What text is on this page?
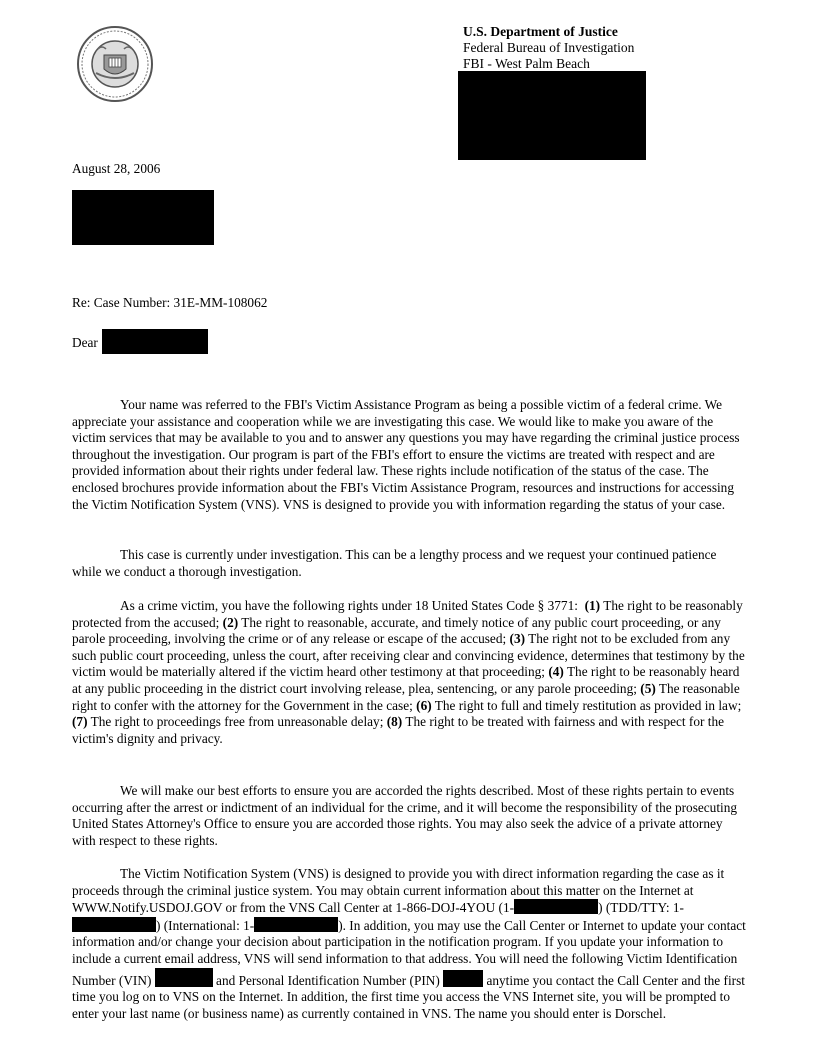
U.S. Department of Justice
Federal Bureau of Investigation
FBI - West Palm Beach
August 28, 2006
Re: Case Number: 31E-MM-108062
Dear

Your name was referred to the FBI's Victim Assistance Program as being a possible victim of a federal crime. We appreciate your assistance and cooperation while we are investigating this case. We would like to make you aware of the victim services that may be available to you and to answer any questions you may have regarding the criminal justice process throughout the investigation. Our program is part of the FBI's effort to ensure the victims are treated with respect and are provided information about their rights under federal law. These rights include notification of the status of the case. The enclosed brochures provide information about the FBI's Victim Assistance Program, resources and instructions for accessing the Victim Notification System (VNS). VNS is designed to provide you with information regarding the status of your case.

This case is currently under investigation. This can be a lengthy process and we request your continued patience while we conduct a thorough investigation.

As a crime victim, you have the following rights under 18 United States Code § 3771: (1) The right to be reasonably protected from the accused; (2) The right to reasonable, accurate, and timely notice of any public court proceeding, or any parole proceeding, involving the crime or of any release or escape of the accused; (3) The right not to be excluded from any such public court proceeding, unless the court, after receiving clear and convincing evidence, determines that testimony by the victim would be materially altered if the victim heard other testimony at that proceeding; (4) The right to be reasonably heard at any public proceeding in the district court involving release, plea, sentencing, or any parole proceeding; (5) The reasonable right to confer with the attorney for the Government in the case; (6) The right to full and timely restitution as provided in law; (7) The right to proceedings free from unreasonable delay; (8) The right to be treated with fairness and with respect for the victim's dignity and privacy.

We will make our best efforts to ensure you are accorded the rights described. Most of these rights pertain to events occurring after the arrest or indictment of an individual for the crime, and it will become the responsibility of the prosecuting United States Attorney's Office to ensure you are accorded those rights. You may also seek the advice of a private attorney with respect to these rights.

The Victim Notification System (VNS) is designed to provide you with direct information regarding the case as it proceeds through the criminal justice system. You may obtain current information about this matter on the Internet at WWW.Notify.USDOJ.GOV or from the VNS Call Center at 1-866-DOJ-4YOU (1-	) (TDD/TTY: 1-) (International: 1-	). In addition, you may use the Call Center or Internet to update your contact information and/or change your decision about participation in the notification program. If you update your information to include a current email address, VNS will send information to that address. You will need the following Victim Identification Number (VIN)	and Personal Identification Number (PIN)	anytime you contact the Call Center and the first time you log on to VNS on the Internet. In addition, the first time you access the VNS Internet site, you will be prompted to enter your last name (or business name) as currently contained in VNS. The name you should enter is Dorschel.
